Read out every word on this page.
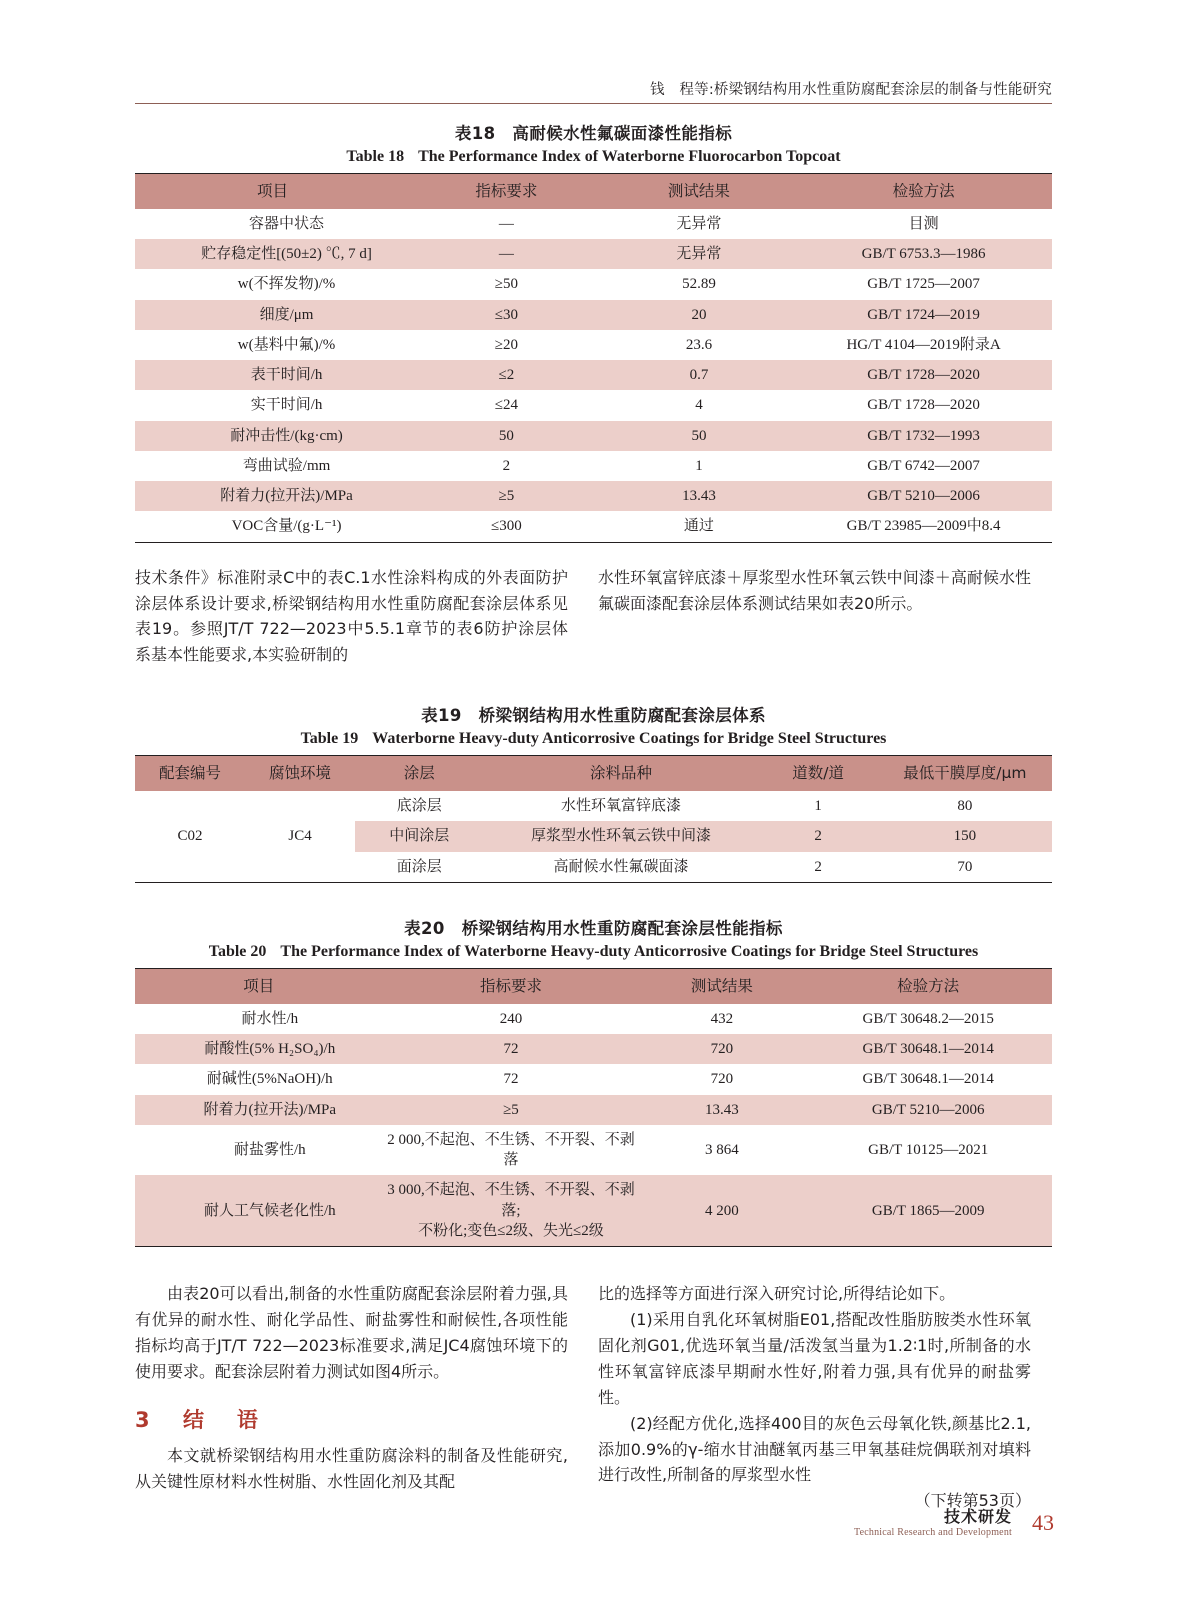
钱　程等:桥梁钢结构用水性重防腐配套涂层的制备与性能研究
表18　高耐候水性氟碳面漆性能指标
Table 18 The Performance Index of Waterborne Fluorocarbon Topcoat
项目	指标要求	测试结果	检验方法
容器中状态	—	无异常	目测
贮存稳定性[(50±2) ℃, 7 d]	—	无异常	GB/T 6753.3—1986
w(不挥发物)/%	≥50	52.89	GB/T 1725—2007
细度/μm	≤30	20	GB/T 1724—2019
w(基料中氟)/%	≥20	23.6	HG/T 4104—2019附录A
表干时间/h	≤2	0.7	GB/T 1728—2020
实干时间/h	≤24	4	GB/T 1728—2020
耐冲击性/(kg·cm)	50	50	GB/T 1732—1993
弯曲试验/mm	2	1	GB/T 6742—2007
附着力(拉开法)/MPa	≥5	13.43	GB/T 5210—2006
VOC含量/(g·L⁻¹)	≤300	通过	GB/T 23985—2009中8.4

技术条件》标准附录C中的表C.1水性涂料构成的外表面防护涂层体系设计要求,桥梁钢结构用水性重防腐配套涂层体系见表19。参照JT/T 722—2023中5.5.1章节的表6防护涂层体系基本性能要求,本实验研制的

水性环氧富锌底漆＋厚浆型水性环氧云铁中间漆＋高耐候水性氟碳面漆配套涂层体系测试结果如表20所示。

表19　桥梁钢结构用水性重防腐配套涂层体系
Table 19 Waterborne Heavy-duty Anticorrosive Coatings for Bridge Steel Structures
配套编号	腐蚀环境	涂层	涂料品种	道数/道	最低干膜厚度/μm
C02	JC4	底涂层	水性环氧富锌底漆	1	80
		中间涂层	厚浆型水性环氧云铁中间漆	2	150
		面涂层	高耐候水性氟碳面漆	2	70
表20　桥梁钢结构用水性重防腐配套涂层性能指标
Table 20 The Performance Index of Waterborne Heavy-duty Anticorrosive Coatings for Bridge Steel Structures
项目	指标要求	测试结果	检验方法
耐水性/h	240	432	GB/T 30648.2—2015
耐酸性(5% H₂SO₄)/h	72	720	GB/T 30648.1—2014
耐碱性(5%NaOH)/h	72	720	GB/T 30648.1—2014
附着力(拉开法)/MPa	≥5	13.43	GB/T 5210—2006
耐盐雾性/h	2 000,不起泡、不生锈、不开裂、不剥落	3 864	GB/T 10125—2021
耐人工气候老化性/h	3 000,不起泡、不生锈、不开裂、不剥落;
不粉化;变色≤2级、失光≤2级	4 200	GB/T 1865—2009

由表20可以看出,制备的水性重防腐配套涂层附着力强,具有优异的耐水性、耐化学品性、耐盐雾性和耐候性,各项性能指标均高于JT/T 722—2023标准要求,满足JC4腐蚀环境下的使用要求。配套涂层附着力测试如图4所示。

3 结　语

本文就桥梁钢结构用水性重防腐涂料的制备及性能研究,从关键性原材料水性树脂、水性固化剂及其配

比的选择等方面进行深入研究讨论,所得结论如下。

(1)采用自乳化环氧树脂E01,搭配改性脂肪胺类水性环氧固化剂G01,优选环氧当量/活泼氢当量为1.2∶1时,所制备的水性环氧富锌底漆早期耐水性好,附着力强,具有优异的耐盐雾性。

(2)经配方优化,选择400目的灰色云母氧化铁,颜基比2.1,添加0.9%的γ-缩水甘油醚氧丙基三甲氧基硅烷偶联剂对填料进行改性,所制备的厚浆型水性

（下转第53页）

技术研发
Technical Research and Development 43
